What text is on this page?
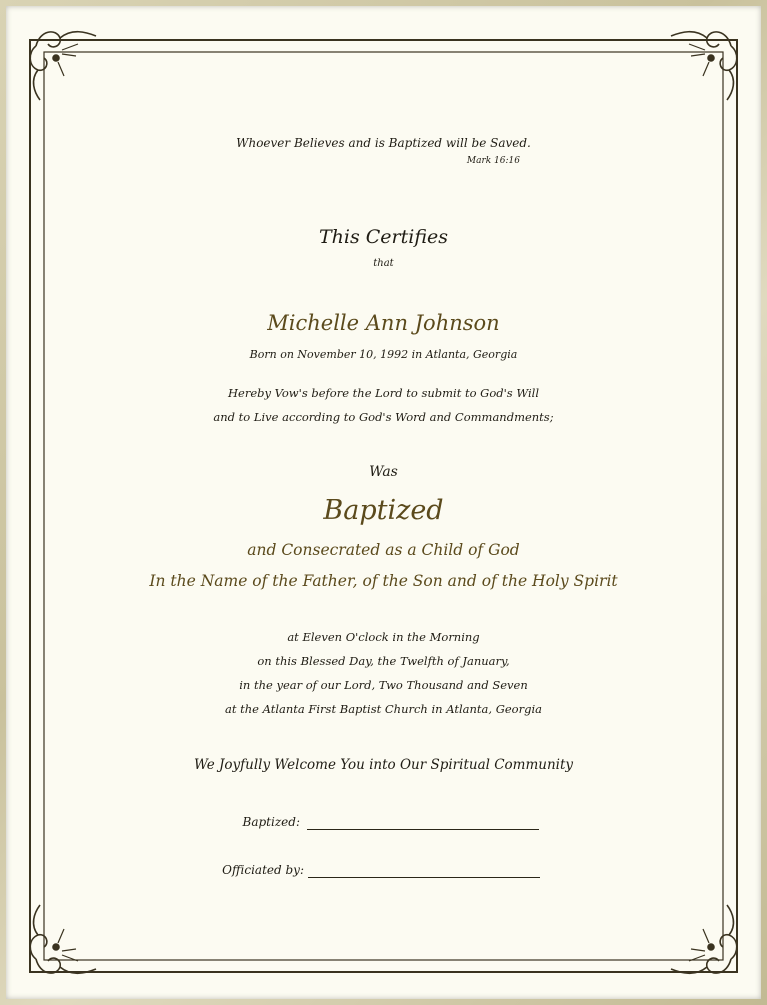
Whoever Believes and is Baptized will be Saved.
Mark 16:16
This Certifies
that
Michelle Ann Johnson
Born on November 10, 1992 in Atlanta, Georgia
Hereby Vow's before the Lord to submit to God's Will
and to Live according to God's Word and Commandments;
Was
Baptized
and Consecrated as a Child of God
In the Name of the Father, of the Son and of the Holy Spirit
at Eleven O'clock in the Morning
on this Blessed Day, the Twelfth of January,
in the year of our Lord, Two Thousand and Seven
at the Atlanta First Baptist Church in Atlanta, Georgia
We Joyfully Welcome You into Our Spiritual Community
Baptized:
Officiated by:
